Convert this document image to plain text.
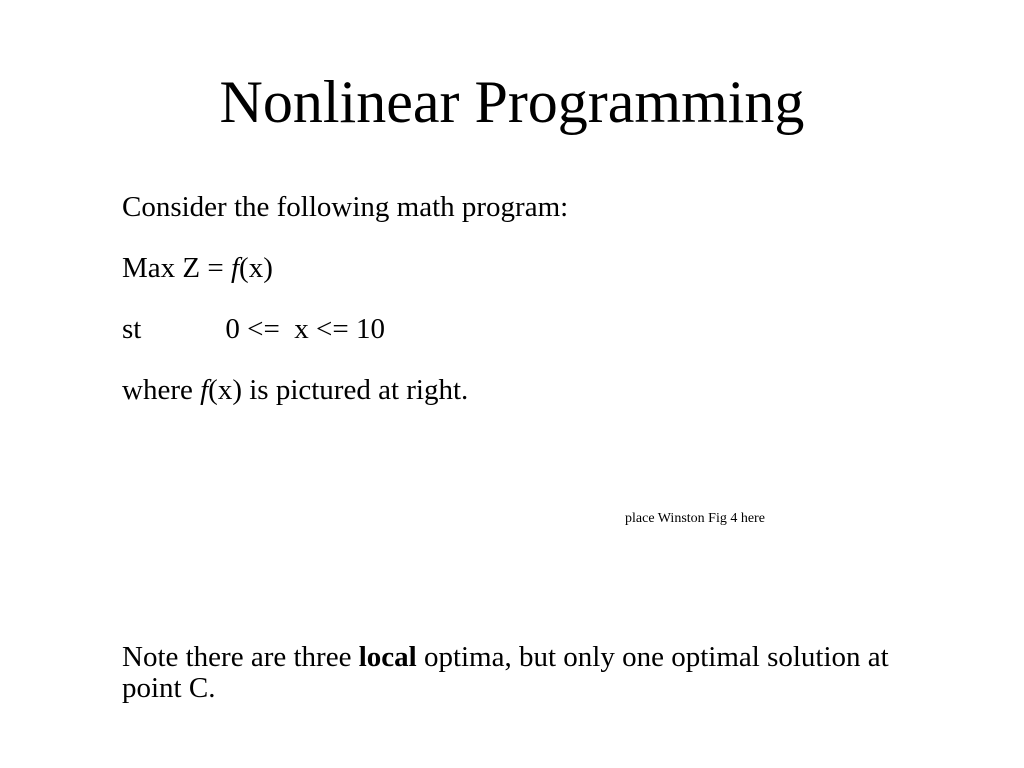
Nonlinear Programming

Consider the following math program:

Max Z = f(x)

st	0 <=  x <= 10

where f(x) is pictured at right.

place Winston Fig 4 here

Note there are three local optima, but only one optimal solution at point C.
